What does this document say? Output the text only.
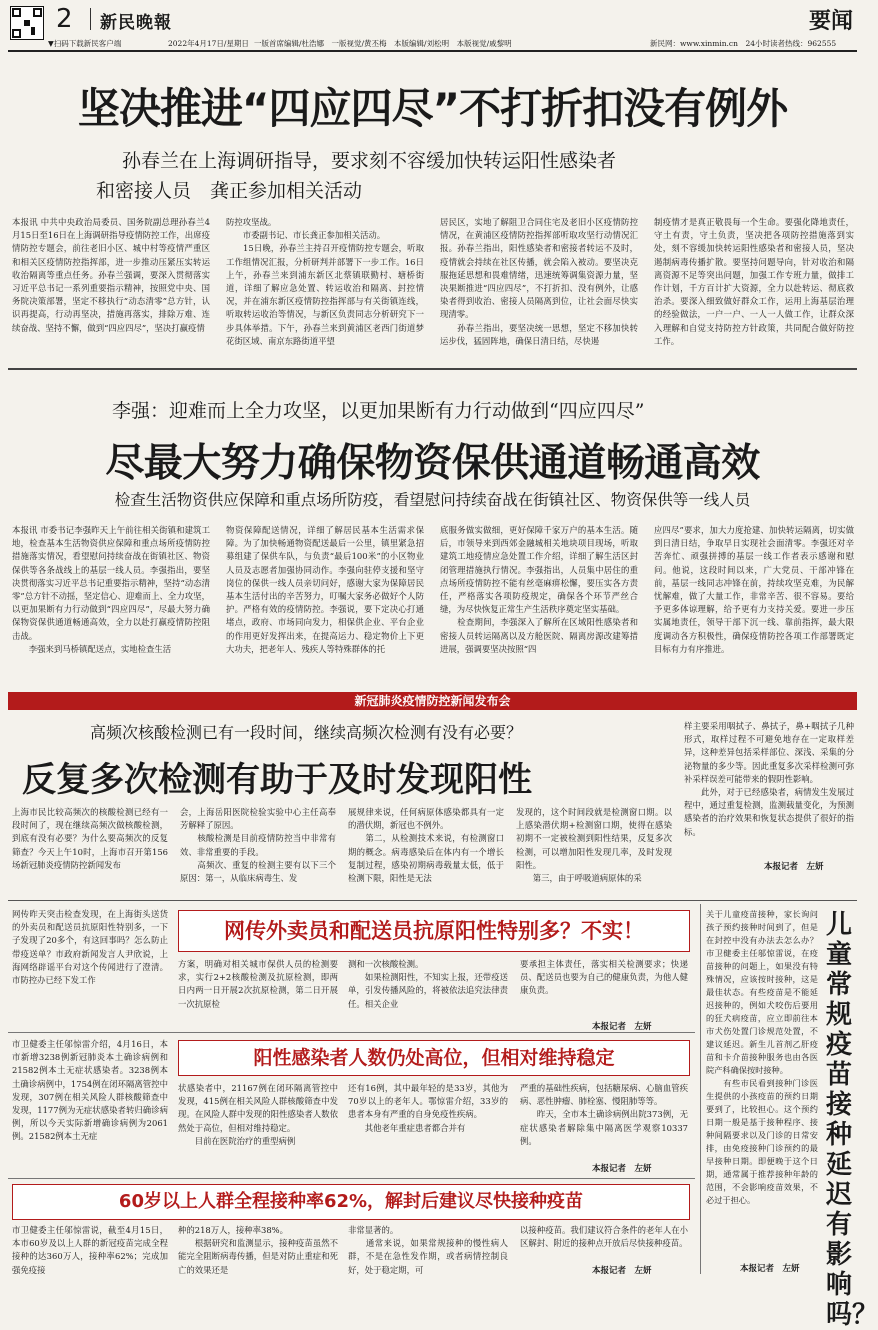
2 新民晚報	要闻
▼扫码下载新民客户端	2022年4月17日/星期日 一版首席编辑/杜浩娜　一版视觉/黄丕梅　本版编辑/刘松明　本版视觉/戚黎明	新民网：www.xinmin.cn　24小时读者热线：962555
坚决推进“四应四尽”不打折扣没有例外
孙春兰在上海调研指导，要求刻不容缓加快转运阳性感染者
和密接人员　龚正参加相关活动
本报讯 中共中央政治局委员、国务院副总理孙春兰4月15日至16日在上海调研指导疫情防控工作，出席疫情防控专题会，前往老旧小区、城中村等疫情严重区和相关区疫情防控指挥部，进一步推动压紧压实转运收治隔离等重点任务。孙春兰强调，要深入贯彻落实习近平总书记一系列重要指示精神，按照党中央、国务院决策部署，坚定不移执行“动态清零”总方针，认识再提高，行动再坚决，措施再落实，排除万难、连续奋战、坚持不懈，做到“四应四尽”，坚决打赢疫情
防控攻坚战。
　　市委副书记、市长龚正参加相关活动。
　　15日晚，孙春兰主持召开疫情防控专题会，听取工作组情况汇报，分析研判并部署下一步工作。16日上午，孙春兰来到浦东新区北蔡镇联勤村、塘桥街道，详细了解应急处置、转运收治和隔离、封控情况，并在浦东新区疫情防控指挥部与有关街镇连线，听取转运收治等情况，与新区负责同志分析研究下一步具体举措。下午，孙春兰来到黄浦区老西门街道梦花街区域、南京东路街道平望
居民区，实地了解阻卫合同住宅及老旧小区疫情防控情况，在黄浦区疫情防控指挥部听取攻坚行动情况汇报。孙春兰指出，阳性感染者和密接者转运不及时，疫情就会持续在社区传播，就会陷入被动。要坚决克服拖延思想和畏难情绪，迅速统筹调集资源力量，坚决果断推进“四应四尽”，不打折扣、没有例外，让感染者得到收治、密接人员隔离到位，让社会面尽快实现清零。
　　孙春兰指出，要坚决统一思想，坚定不移加快转运步伐，猛固阵地，确保日清日结，尽快遏
制疫情才是真正敬畏每一个生命。要强化降地责任，守土有责，守土负责，坚决把各项防控措施落到实处，刻不容缓加快转运阳性感染者和密接人员，坚决遏制病毒传播扩散。要坚持问题导向，针对收治和隔离资源不足等突出问题，加强工作专班力量，做排工作计划，千方百计扩大资源，全力以赴转运、彻底救治杀。要深入细致做好群众工作，运用上海基层治理的经验做法，一户一户、一人一人做工作，让群众深入理解和自觉支持防控方针政策，共同配合做好防控工作。
李强：迎难而上全力攻坚，以更加果断有力行动做到“四应四尽”
尽最大努力确保物资保供通道畅通高效
检查生活物资供应保障和重点场所防疫，看望慰问持续奋战在街镇社区、物资保供等一线人员
本报讯 市委书记李强昨天上午前往相关街镇和建筑工地，检查基本生活物资供应保障和重点场所疫情防控措施落实情况，看望慰问持续奋战在街镇社区、物资保供等各条战线上的基层一线人员。李强指出，要坚决贯彻落实习近平总书记重要指示精神，坚持“动态清零”总方针不动摇，坚定信心、迎难而上、全力攻坚，以更加果断有力行动做到“四应四尽”，尽最大努力确保物资保供通道畅通高效，全力以赴打赢疫情防控阻击战。
　　李强来到马桥镇配送点，实地检查生活
物资保障配送情况，详细了解居民基本生活需求保障。为了加快畅通物资配送最后一公里，镇里紧急招募组建了保供车队，与负责“最后100米”的小区物业人员及志愿者加强协同动作。李强向驻停支援和坚守岗位的保供一线人员亲切问好，感谢大家为保障居民基本生活付出的辛苦努力，叮嘱大家务必做好个人防护。严格有效的疫情防控。李强说，要下定决心打通堵点，政府、市场同向发力，相保供企业、平台企业的作用更好发挥出来，在提高运力、稳定物价上下更大功夫，把老年人、残疾人等特殊群体的托
底服务做实做细，更好保障千家万户的基本生活。随后，市领导来到西郊金融城相关地块项目现场，听取建筑工地疫情应急处置工作介绍，详细了解生活区封闭管理措施执行情况。李强指出，人员集中居住的重点场所疫情防控不能有丝毫麻痹松懈，要压实各方责任，严格落实各项防疫规定，确保各个环节严丝合缝，为尽快恢复正常生产生活秩序奠定坚实基础。
　　检查期间，李强深入了解所在区域阳性感染者和密接人员转运隔离以及方舱医院、隔离房源改建筹措进展，强调要坚决按照“四
应四尽”要求，加大力度抢建、加快转运隔离，切实做到日清日结，争取早日实现社会面清零。李强还对辛苦奔忙、顽强拼搏的基层一线工作者表示感谢和慰问。他说，这段时间以来，广大党员、干部冲锋在前，基层一线同志冲锋在前，持续攻坚克难，为民解忧解难，做了大量工作，非常辛苦、很不容易。要给予更多体谅理解，给予更有力支持关爱。要进一步压实属地责任，领导干部下沉一线、靠前指挥，最大限度调动各方积极性，确保疫情防控各项工作部署既定目标有力有序推进。
新冠肺炎疫情防控新闻发布会
高频次核酸检测已有一段时间，继续高频次检测有没有必要？
反复多次检测有助于及时发现阳性
上海市民比较高频次的核酸检测已经有一段时间了，现在继续高频次做核酸检测，到底有没有必要？为什么要高频次的反复筛查？今天上午10时，上海市召开第156场新冠肺炎疫情防控新闻发布
会，上海岳阳医院检验实验中心主任高奉芳解释了原因。
　　核酸检测是目前疫情防控当中非常有效、非常重要的手段。
　　高频次、重复的检测主要有以下三个原因：第一，从临床病毒生、发
展规律来说，任何病原体感染都具有一定的潜伏期，新冠也不例外。
　　第二，从检测技术来说，有检测窗口期的概念。病毒感染后在体内有一个增长复制过程，感染初期病毒载量太低，低于检测下限，阳性是无法
发现的，这个时间段就是检测窗口期。以上感染潜伏期+检测窗口期，使得在感染初期不一定被检测到阳性结果，反复多次检测，可以增加阳性发现几率，及时发现阳性。
　　第三，由于呼吸道病原体的采
样主要采用咽拭子、鼻拭子，鼻+咽拭子几种形式，取样过程不可避免地存在一定取样差异，这种差异包括采样部位、深浅、采集的分泌物量的多少等。因此重复多次采样检测可弥补采样误差可能带来的假阴性影响。
　　此外，对于已经感染者，病情发生发展过程中，通过重复检测，监测载量变化，为预测感染者的治疗效果和恢复状态提供了很好的指标。
本报记者　左妍
关于儿童疫苗接种，家长询问孩子预约接种时间到了，但是在封控中没有办法去怎么办？市卫健委主任邬惊雷说，在疫苗接种的问题上，如果没有特殊情况，应该按时接种，这是最佳状态。有些疫苗是不能延迟接种的，例如犬咬伤后要用的狂犬病疫苗，应立即前往本市犬伤处置门诊规范处置，不建议延迟。新生儿首剂乙肝疫苗和卡介苗接种服务也由各医院产科确保按时接种。
　　有些市民看到接种门诊医生提供的小孩疫苗的预约日期要到了，比较担心。这个预约日期一般是基于接种程序、接种间隔要求以及门诊的日常安排，由免疫接种门诊预约的最早接种日期。即便晚于这个日期，通常属于推荐接种年龄的范围，不会影响疫苗效果，不必过于担心。
本报记者　左妍
儿童常规疫苗接种延迟有影响吗？
网传昨天突击检查发现，在上海街头送货的外卖员和配送员抗原阳性特别多，一下子发现了20多个，有这回事吗？怎么防止带疫送单？市政府新闻发言人尹欣说，上海网络辟谣平台对这个传闻进行了澄清。市防控办已经下发工作
网传外卖员和配送员抗原阳性特别多？不实！
方案，明确对相关城市保供人员的检测要求，实行2+2核酸检测及抗原检测，即两日内两一日开展2次抗原检测，第二日开展一次抗原检
测和一次核酸检测。
　　如果检测阳性，不知实上报，还带疫送单，引发传播风险的，将被依法追究法律责任。相关企业
要承担主体责任，落实相关检测要求；快递员、配送员也要为自己的健康负责，为他人健康负责。
本报记者　左妍
市卫健委主任邬惊雷介绍，4月16日，本市新增3238例新冠肺炎本土确诊病例和21582例本土无症状感染者。3238例本土确诊病例中，1754例在闭环隔离管控中发现，307例在相关风险人群核酸筛查中发现，1177例为无症状感染者转归确诊病例，所以今天实际新增确诊病例为2061例。21582例本土无症
阳性感染者人数仍处高位，但相对维持稳定
状感染者中，21167例在闭环隔离管控中发现，415例在相关风险人群核酸筛查中发现。在风险人群中发现的阳性感染者人数依然处于高位，但相对维持稳定。
　　目前在医院治疗的重型病例
还有16例，其中最年轻的是33岁，其他为70岁以上的老年人。鄂惊雷介绍，33岁的患者本身有严重的自身免疫性疾病。
　　其他老年重症患者都合并有
严重的基础性疾病，包括糖尿病、心脑血管疾病、恶性肿瘤、肺栓塞、慢阻肺等等。
　　昨天，全市本土确诊病例出院373例，无症状感染者解除集中隔离医学观察10337例。
本报记者　左妍
60岁以上人群全程接种率62%，解封后建议尽快接种疫苗
市卫健委主任邬惊雷说，截至4月15日，本市60岁及以上人群的新冠疫苗完成全程接种的达360万人，接种率62%；完成加强免疫接
种的218万人，接种率38%。
　　根据研究和监测显示，接种疫苗虽然不能完全阻断病毒传播，但是对防止重症和死亡的效果还是
非常显著的。
　　通常来说，如果常规接种的慢性病人群，不是在急性发作期，或者病情控制良好，处于稳定期，可
以接种疫苗。我们建议符合条件的老年人在小区解封、附近的接种点开放后尽快接种疫苗。
本报记者　左妍
